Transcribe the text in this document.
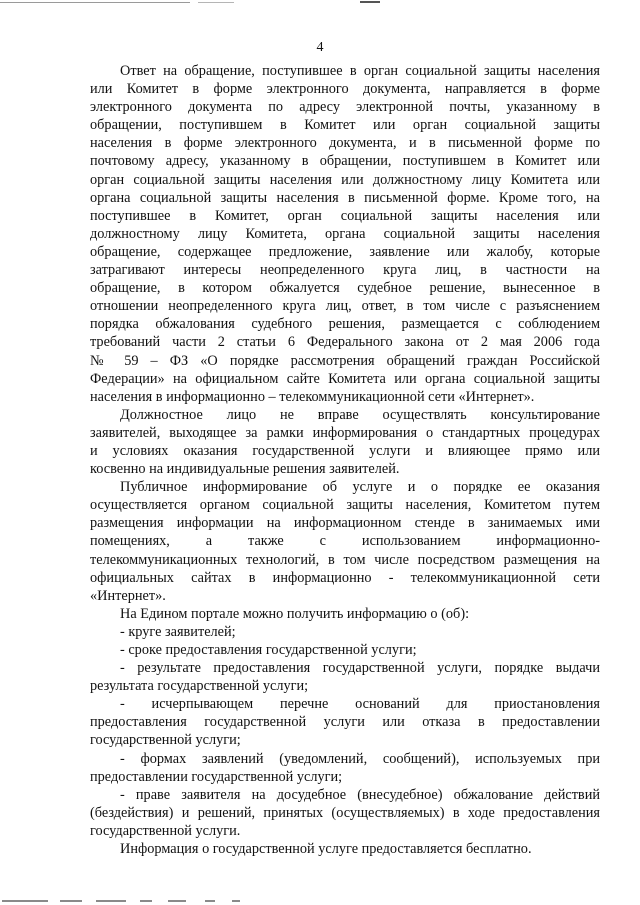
4
Ответ на обращение, поступившее в орган социальной защиты населения
или Комитет в форме электронного документа, направляется в форме
электронного документа по адресу электронной почты, указанному в
обращении, поступившем в Комитет или орган социальной защиты
населения в форме электронного документа, и в письменной форме по
почтовому адресу, указанному в обращении, поступившем в Комитет или
орган социальной защиты населения или должностному лицу Комитета или
органа социальной защиты населения в письменной форме. Кроме того, на
поступившее в Комитет, орган социальной защиты населения или
должностному лицу Комитета, органа социальной защиты населения
обращение, содержащее предложение, заявление или жалобу, которые
затрагивают интересы неопределенного круга лиц, в частности на
обращение, в котором обжалуется судебное решение, вынесенное в
отношении неопределенного круга лиц, ответ, в том числе с разъяснением
порядка обжалования судебного решения, размещается с соблюдением
требований части 2 статьи 6 Федерального закона от 2 мая 2006 года
№ 59 – ФЗ «О порядке рассмотрения обращений граждан Российской
Федерации» на официальном сайте Комитета или органа социальной защиты
населения в информационно – телекоммуникационной сети «Интернет».
Должностное лицо не вправе осуществлять консультирование
заявителей, выходящее за рамки информирования о стандартных процедурах
и условиях оказания государственной услуги и влияющее прямо или
косвенно на индивидуальные решения заявителей.
Публичное информирование об услуге и о порядке ее оказания
осуществляется органом социальной защиты населения, Комитетом путем
размещения информации на информационном стенде в занимаемых ими
помещениях, а также с использованием информационно-
телекоммуникационных технологий, в том числе посредством размещения на
официальных сайтах в информационно - телекоммуникационной сети
«Интернет».
На Едином портале можно получить информацию о (об):
- круге заявителей;
- сроке предоставления государственной услуги;
- результате предоставления государственной услуги, порядке выдачи
результата государственной услуги;
- исчерпывающем перечне оснований для приостановления
предоставления государственной услуги или отказа в предоставлении
государственной услуги;
- формах заявлений (уведомлений, сообщений), используемых при
предоставлении государственной услуги;
- праве заявителя на досудебное (внесудебное) обжалование действий
(бездействия) и решений, принятых (осуществляемых) в ходе предоставления
государственной услуги.
Информация о государственной услуге предоставляется бесплатно.
